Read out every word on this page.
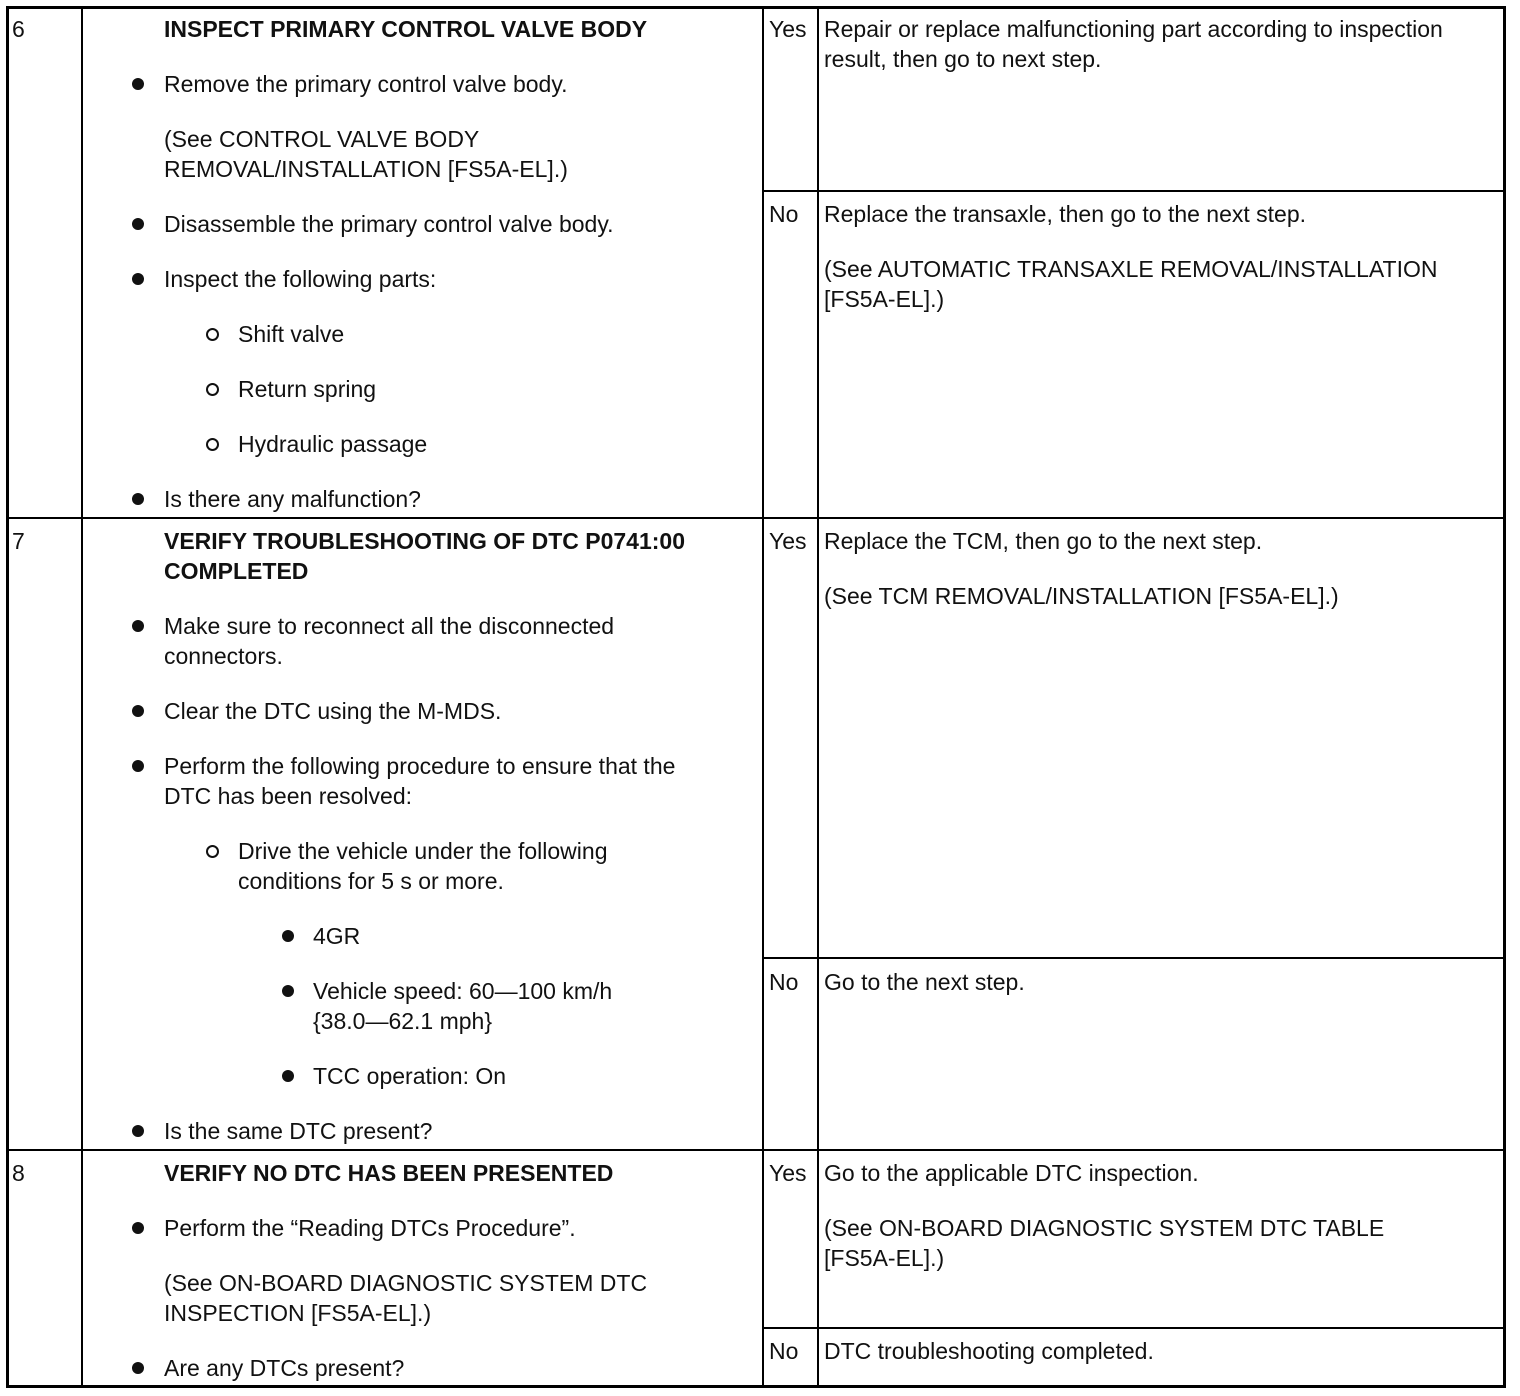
6	INSPECT PRIMARY CONTROL VALVE BODY
Remove the primary control valve body.
(See CONTROL VALVE BODY
REMOVAL/INSTALLATION [FS5A-EL].)
Disassemble the primary control valve body.
Inspect the following parts:
Shift valve
Return spring
Hydraulic passage
Is there any malfunction?
Yes Repair or replace malfunctioning part according to inspection
result, then go to next step.
No Replace the transaxle, then go to the next step.
(See AUTOMATIC TRANSAXLE REMOVAL/INSTALLATION
[FS5A-EL].)
7	VERIFY TROUBLESHOOTING OF DTC P0741:00
COMPLETED
Make sure to reconnect all the disconnected
connectors.
Clear the DTC using the M-MDS.
Perform the following procedure to ensure that the
DTC has been resolved:
Drive the vehicle under the following
conditions for 5 s or more.
4GR
Vehicle speed: 60—100 km/h
{38.0—62.1 mph}
TCC operation: On
Is the same DTC present?
Yes Replace the TCM, then go to the next step.
(See TCM REMOVAL/INSTALLATION [FS5A-EL].)
No Go to the next step.
8	VERIFY NO DTC HAS BEEN PRESENTED
Perform the “Reading DTCs Procedure”.
(See ON-BOARD DIAGNOSTIC SYSTEM DTC
INSPECTION [FS5A-EL].)
Are any DTCs present?
Yes Go to the applicable DTC inspection.
(See ON-BOARD DIAGNOSTIC SYSTEM DTC TABLE
[FS5A-EL].)
No DTC troubleshooting completed.
